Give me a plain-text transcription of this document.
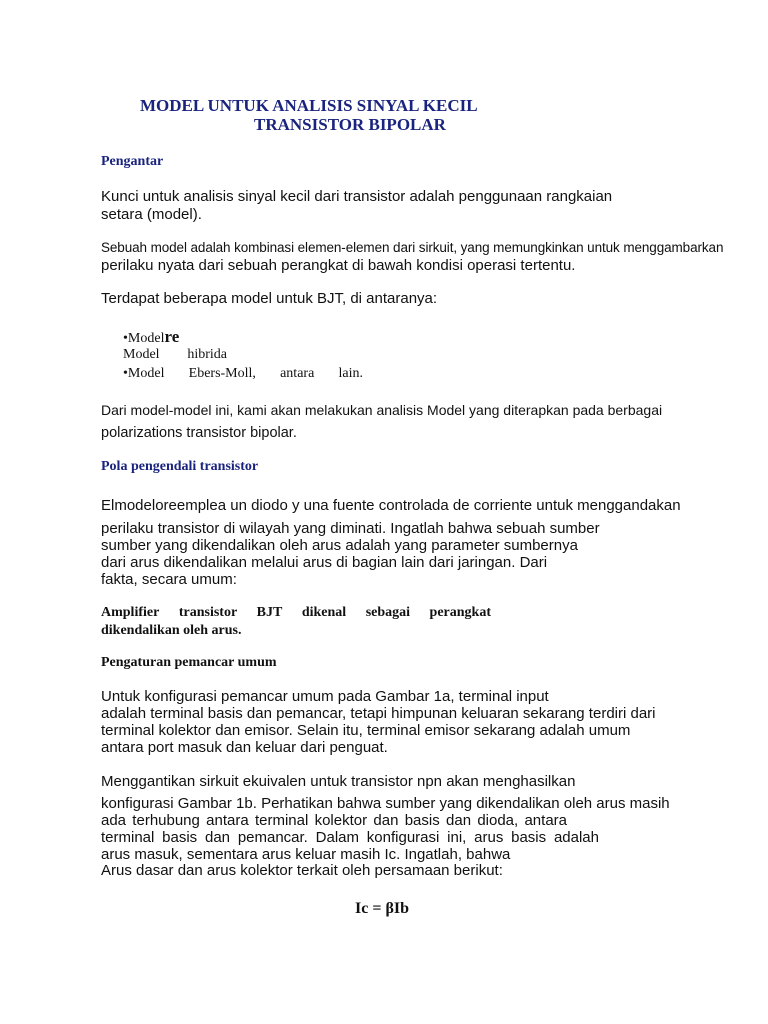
MODEL UNTUK ANALISIS SINYAL KECIL
TRANSISTOR BIPOLAR
Pengantar
Kunci untuk analisis sinyal kecil dari transistor adalah penggunaan rangkaian
setara (model).
Sebuah model adalah kombinasi elemen-elemen dari sirkuit, yang memungkinkan untuk menggambarkan
perilaku nyata dari sebuah perangkat di bawah kondisi operasi tertentu.
Terdapat beberapa model untuk BJT, di antaranya:
•Modelre
Model hibrida
•Model Ebers-Moll, antara lain.
Dari model-model ini, kami akan melakukan analisis Model yang diterapkan pada berbagai
polarizations transistor bipolar.
Pola pengendali transistor
Elmodeloreemplea un diodo y una fuente controlada de corriente untuk menggandakan
perilaku transistor di wilayah yang diminati. Ingatlah bahwa sebuah sumber
sumber yang dikendalikan oleh arus adalah yang parameter sumbernya
dari arus dikendalikan melalui arus di bagian lain dari jaringan. Dari
fakta, secara umum:
Amplifier transistor BJT dikenal sebagai perangkat
dikendalikan oleh arus.
Pengaturan pemancar umum
Untuk konfigurasi pemancar umum pada Gambar 1a, terminal input
adalah terminal basis dan pemancar, tetapi himpunan keluaran sekarang terdiri dari
terminal kolektor dan emisor. Selain itu, terminal emisor sekarang adalah umum
antara port masuk dan keluar dari penguat.
Menggantikan sirkuit ekuivalen untuk transistor npn akan menghasilkan
konfigurasi Gambar 1b. Perhatikan bahwa sumber yang dikendalikan oleh arus masih
ada terhubung antara terminal kolektor dan basis dan dioda, antara
terminal basis dan pemancar. Dalam konfigurasi ini, arus basis adalah
arus masuk, sementara arus keluar masih Ic. Ingatlah, bahwa
Arus dasar dan arus kolektor terkait oleh persamaan berikut:
Ic = βIb
